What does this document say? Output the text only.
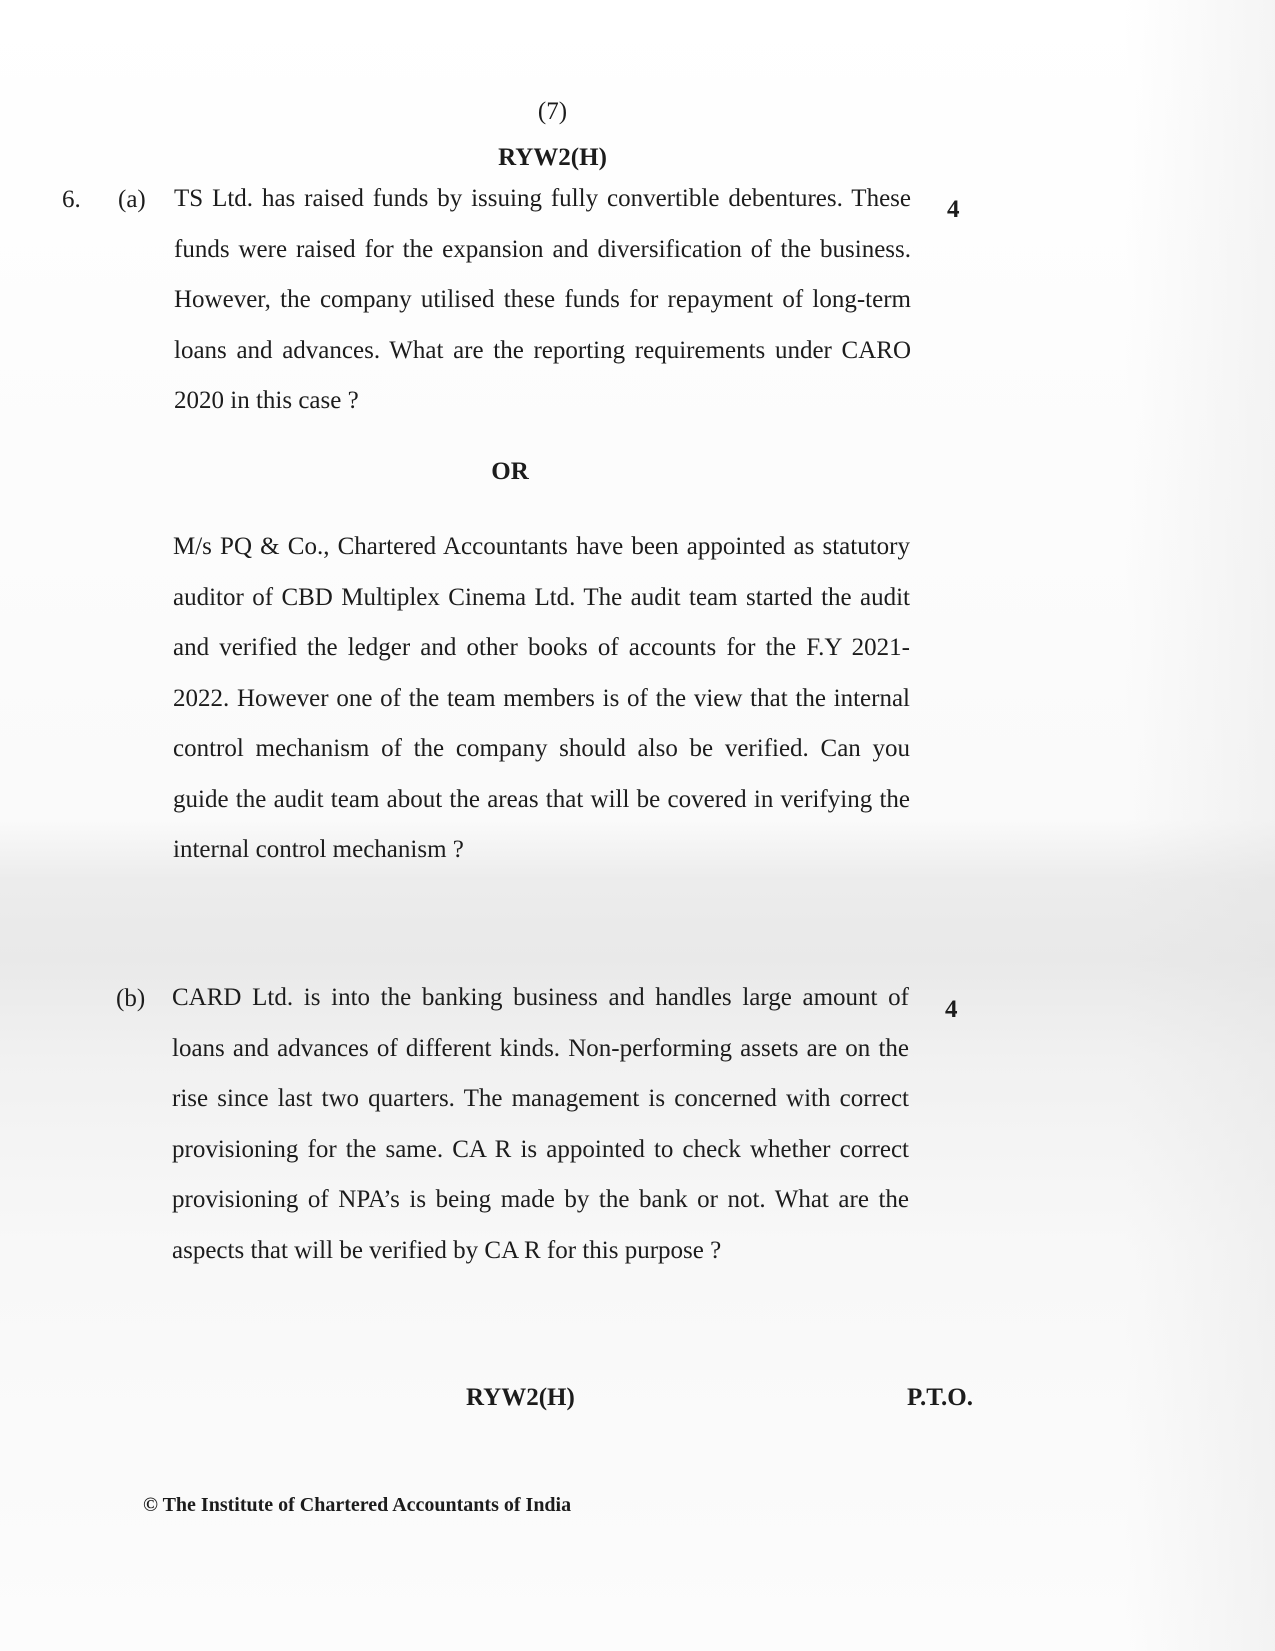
(7)
RYW2(H)
6. (a)	4
TS Ltd. has raised funds by issuing fully convertible debentures. These funds were raised for the expansion and diversification of the business. However, the company utilised these funds for repayment of long-term loans and advances. What are the reporting requirements under CARO 2020 in this case ?
OR
M/s PQ & Co., Chartered Accountants have been appointed as statutory auditor of CBD Multiplex Cinema Ltd. The audit team started the audit and verified the ledger and other books of accounts for the F.Y 2021-2022. However one of the team members is of the view that the internal control mechanism of the company should also be verified. Can you guide the audit team about the areas that will be covered in verifying the internal control mechanism ?
(b)	4
CARD Ltd. is into the banking business and handles large amount of loans and advances of different kinds. Non-performing assets are on the rise since last two quarters. The management is concerned with correct provisioning for the same. CA R is appointed to check whether correct provisioning of NPA’s is being made by the bank or not. What are the aspects that will be verified by CA R for this purpose ?
RYW2(H)	P.T.O.
© The Institute of Chartered Accountants of India
